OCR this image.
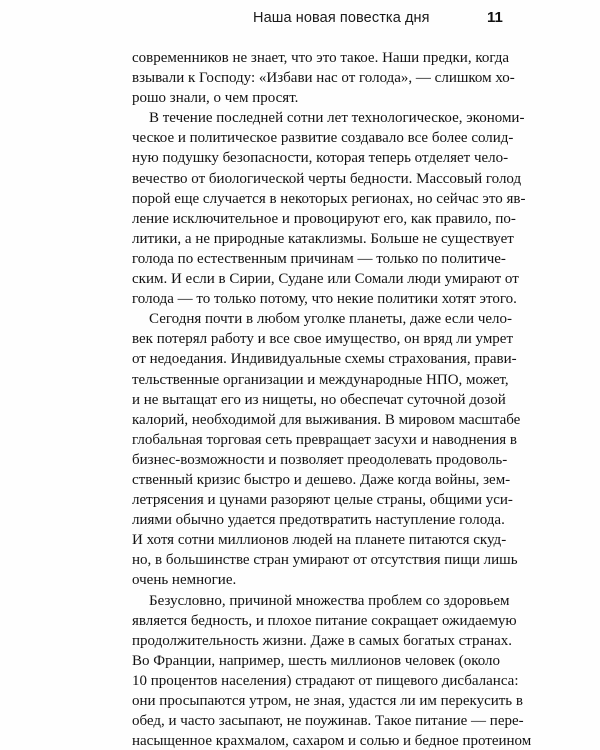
Наша новая повестка дня	11
современников не знает, что это такое. Наши предки, когда
взывали к Господу: «Избави нас от голода», — слишком хо-
рошо знали, о чем просят.
В течение последней сотни лет технологическое, экономи-
ческое и политическое развитие создавало все более солид-
ную подушку безопасности, которая теперь отделяет чело-
вечество от биологической черты бедности. Массовый голод
порой еще случается в некоторых регионах, но сейчас это яв-
ление исключительное и провоцируют его, как правило, по-
литики, а не природные катаклизмы. Больше не существует
голода по естественным причинам — только по политиче-
ским. И если в Сирии, Судане или Сомали люди умирают от
голода — то только потому, что некие политики хотят этого.
Сегодня почти в любом уголке планеты, даже если чело-
век потерял работу и все свое имущество, он вряд ли умрет
от недоедания. Индивидуальные схемы страхования, прави-
тельственные организации и международные НПО, может,
и не вытащат его из нищеты, но обеспечат суточной дозой
калорий, необходимой для выживания. В мировом масштабе
глобальная торговая сеть превращает засухи и наводнения в
бизнес-возможности и позволяет преодолевать продоволь-
ственный кризис быстро и дешево. Даже когда войны, зем-
летрясения и цунами разоряют целые страны, общими уси-
лиями обычно удается предотвратить наступление голода.
И хотя сотни миллионов людей на планете питаются скуд-
но, в большинстве стран умирают от отсутствия пищи лишь
очень немногие.
Безусловно, причиной множества проблем со здоровьем
является бедность, и плохое питание сокращает ожидаемую
продолжительность жизни. Даже в самых богатых странах.
Во Франции, например, шесть миллионов человек (около
10 процентов населения) страдают от пищевого дисбаланса:
они просыпаются утром, не зная, удастся ли им перекусить в
обед, и часто засыпают, не поужинав. Такое питание — пере-
насыщенное крахмалом, сахаром и солью и бедное протеином
